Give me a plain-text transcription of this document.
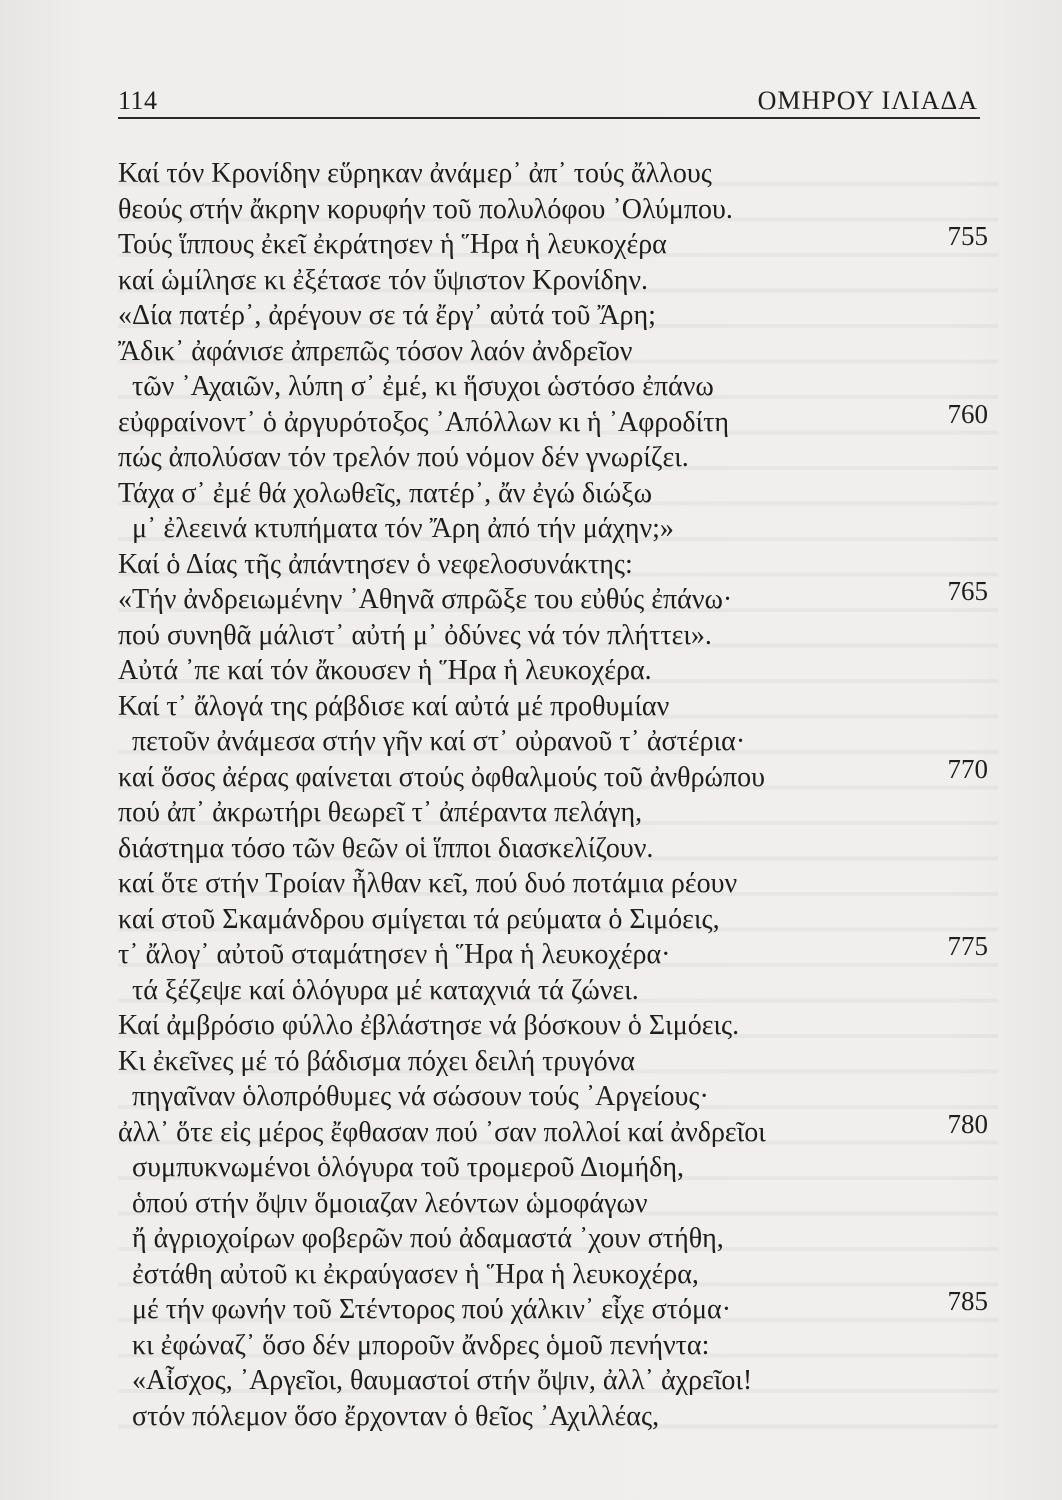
114	ΟΜΗΡΟΥ ΙΛΙΑΔΑ
Καί τόν Κρονίδην εὕρηκαν ἀνάμερ᾽ ἀπ᾽ τούς ἄλλους
θεούς στήν ἄκρην κορυφήν τοῦ πολυλόφου ᾽Ολύμπου.
Τούς ἵππους ἐκεῖ ἐκράτησεν ἡ Ἥρα ἡ λευκοχέρα	755
καί ὡμίλησε κι ἐξέτασε τόν ὕψιστον Κρονίδην.
«Δία πατέρ᾽, ἀρέγουν σε τά ἔργ᾽ αὐτά τοῦ Ἄρη;
Ἄδικ᾽ ἀφάνισε ἀπρεπῶς τόσον λαόν ἀνδρεῖον
τῶν ᾽Αχαιῶν, λύπη σ᾽ ἐμέ, κι ἥσυχοι ὡστόσο ἐπάνω
εὐφραίνοντ᾽ ὁ ἀργυρότοξος ᾽Απόλλων κι ἡ ᾽Αφροδίτη	760
πώς ἀπολύσαν τόν τρελόν πού νόμον δέν γνωρίζει.
Τάχα σ᾽ ἐμέ θά χολωθεῖς, πατέρ᾽, ἄν ἐγώ διώξω
μ᾽ ἐλεεινά κτυπήματα τόν Ἄρη ἀπό τήν μάχην;»
Καί ὁ Δίας τῆς ἀπάντησεν ὁ νεφελοσυνάκτης:
«Τήν ἀνδρειωμένην ᾽Αθηνᾶ σπρῶξε του εὐθύς ἐπάνω·	765
πού συνηθᾶ μάλιστ᾽ αὐτή μ᾽ ὀδύνες νά τόν πλήττει».
Αὐτά ᾽πε καί τόν ἄκουσεν ἡ Ἥρα ἡ λευκοχέρα.
Καί τ᾽ ἄλογά της ράβδισε καί αὐτά μέ προθυμίαν
πετοῦν ἀνάμεσα στήν γῆν καί στ᾽ οὐρανοῦ τ᾽ ἀστέρια·
καί ὅσος ἀέρας φαίνεται στούς ὀφθαλμούς τοῦ ἀνθρώπου	770
πού ἀπ᾽ ἀκρωτήρι θεωρεῖ τ᾽ ἀπέραντα πελάγη,
διάστημα τόσο τῶν θεῶν οἱ ἵπποι διασκελίζουν.
καί ὅτε στήν Τροίαν ἦλθαν κεῖ, πού δυό ποτάμια ρέουν
καί στοῦ Σκαμάνδρου σμίγεται τά ρεύματα ὁ Σιμόεις,
τ᾽ ἄλογ᾽ αὐτοῦ σταμάτησεν ἡ Ἥρα ἡ λευκοχέρα·	775
τά ξέζεψε καί ὁλόγυρα μέ καταχνιά τά ζώνει.
Καί ἀμβρόσιο φύλλο ἐβλάστησε νά βόσκουν ὁ Σιμόεις.
Κι ἐκεῖνες μέ τό βάδισμα πόχει δειλή τρυγόνα
πηγαῖναν ὁλοπρόθυμες νά σώσουν τούς ᾽Αργείους·
ἀλλ᾽ ὅτε εἰς μέρος ἔφθασαν πού ᾽σαν πολλοί καί ἀνδρεῖοι	780
συμπυκνωμένοι ὁλόγυρα τοῦ τρομεροῦ Διομήδη,
ὁπού στήν ὄψιν ὅμοιαζαν λεόντων ὡμοφάγων
ἤ ἀγριοχοίρων φοβερῶν πού ἀδαμαστά ᾽χουν στήθη,
ἐστάθη αὐτοῦ κι ἐκραύγασεν ἡ Ἥρα ἡ λευκοχέρα,
μέ τήν φωνήν τοῦ Στέντορος πού χάλκιν᾽ εἶχε στόμα·	785
κι ἐφώναζ᾽ ὅσο δέν μποροῦν ἄνδρες ὁμοῦ πενήντα:
«Αἶσχος, ᾽Αργεῖοι, θαυμαστοί στήν ὄψιν, ἀλλ᾽ ἀχρεῖοι!
στόν πόλεμον ὅσο ἔρχονταν ὁ θεῖος ᾽Αχιλλέας,
